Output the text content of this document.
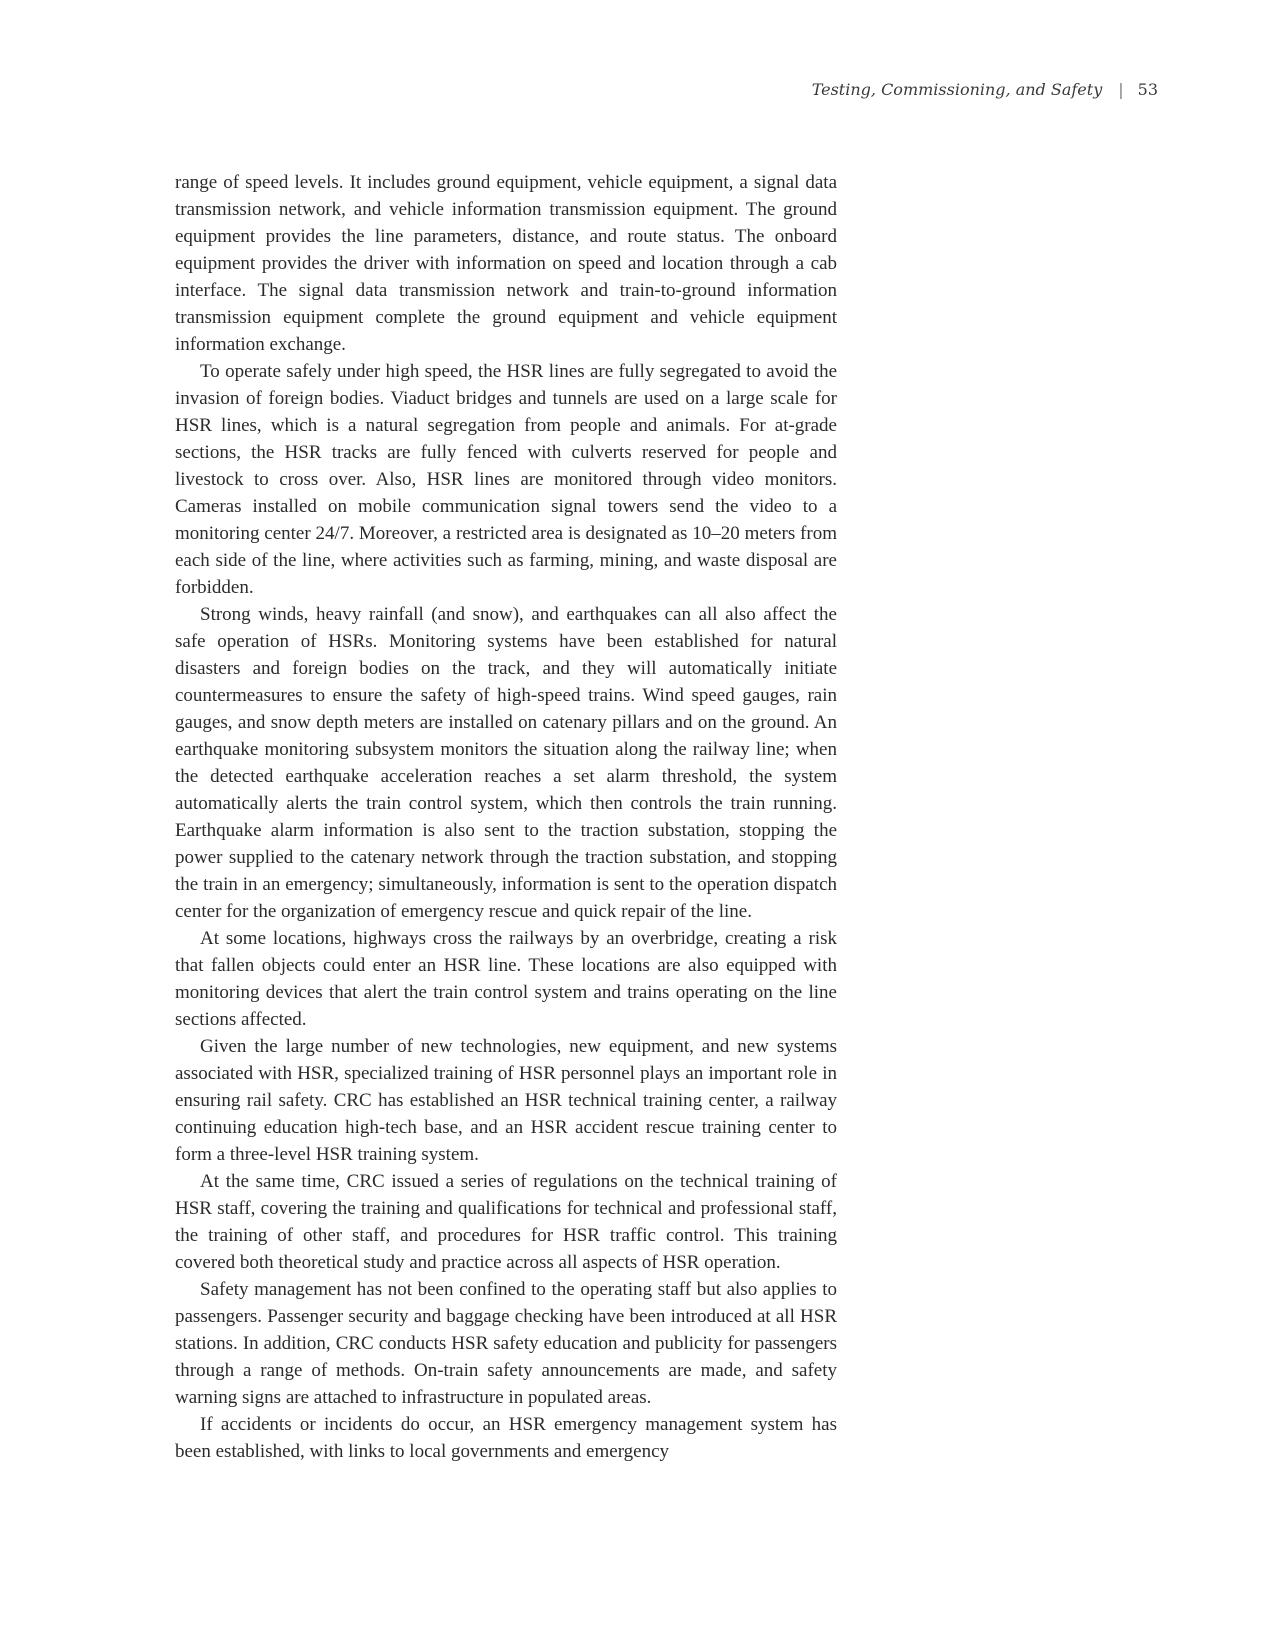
Testing, Commissioning, and Safety | 53

range of speed levels. It includes ground equipment, vehicle equipment, a signal data transmission network, and vehicle information transmission equipment. The ground equipment provides the line parameters, distance, and route status. The onboard equipment provides the driver with information on speed and location through a cab interface. The signal data transmission network and train-to-ground information transmission equipment complete the ground equipment and vehicle equipment information exchange.

To operate safely under high speed, the HSR lines are fully segregated to avoid the invasion of foreign bodies. Viaduct bridges and tunnels are used on a large scale for HSR lines, which is a natural segregation from people and animals. For at-grade sections, the HSR tracks are fully fenced with culverts reserved for people and livestock to cross over. Also, HSR lines are monitored through video monitors. Cameras installed on mobile communication signal towers send the video to a monitoring center 24/7. Moreover, a restricted area is designated as 10–20 meters from each side of the line, where activities such as farming, mining, and waste disposal are forbidden.

Strong winds, heavy rainfall (and snow), and earthquakes can all also affect the safe operation of HSRs. Monitoring systems have been established for natural disasters and foreign bodies on the track, and they will automatically initiate countermeasures to ensure the safety of high-speed trains. Wind speed gauges, rain gauges, and snow depth meters are installed on catenary pillars and on the ground. An earthquake monitoring subsystem monitors the situation along the railway line; when the detected earthquake acceleration reaches a set alarm threshold, the system automatically alerts the train control system, which then controls the train running. Earthquake alarm information is also sent to the traction substation, stopping the power supplied to the catenary network through the traction substation, and stopping the train in an emergency; simultaneously, information is sent to the operation dispatch center for the organization of emergency rescue and quick repair of the line.

At some locations, highways cross the railways by an overbridge, creating a risk that fallen objects could enter an HSR line. These locations are also equipped with monitoring devices that alert the train control system and trains operating on the line sections affected.

Given the large number of new technologies, new equipment, and new systems associated with HSR, specialized training of HSR personnel plays an important role in ensuring rail safety. CRC has established an HSR technical training center, a railway continuing education high-tech base, and an HSR accident rescue training center to form a three-level HSR training system.

At the same time, CRC issued a series of regulations on the technical training of HSR staff, covering the training and qualifications for technical and professional staff, the training of other staff, and procedures for HSR traffic control. This training covered both theoretical study and practice across all aspects of HSR operation.

Safety management has not been confined to the operating staff but also applies to passengers. Passenger security and baggage checking have been introduced at all HSR stations. In addition, CRC conducts HSR safety education and publicity for passengers through a range of methods. On-train safety announcements are made, and safety warning signs are attached to infrastructure in populated areas.

If accidents or incidents do occur, an HSR emergency management system has been established, with links to local governments and emergency
